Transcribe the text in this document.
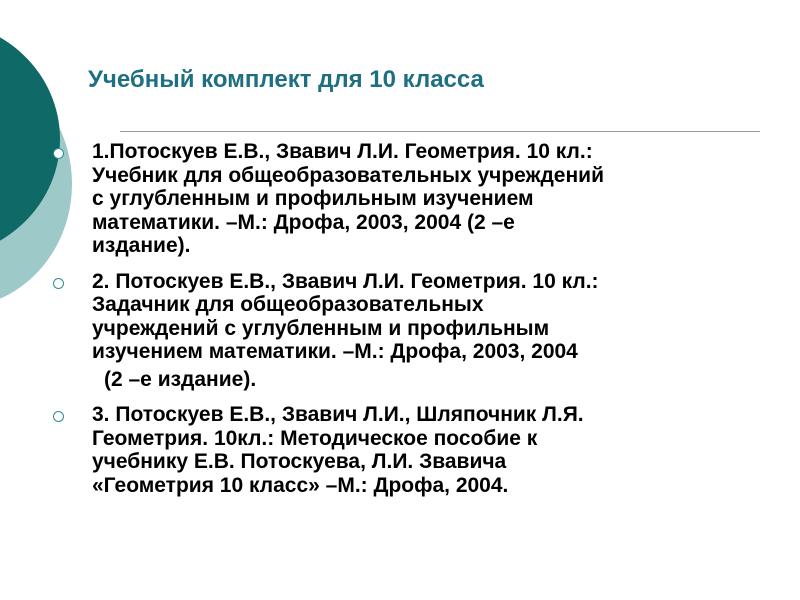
Учебный комплект для 10 класса
1.Потоскуев Е.В., Звавич Л.И. Геометрия. 10 кл.:
Учебник для общеобразовательных учреждений
с углубленным и профильным изучением
математики. –М.: Дрофа, 2003, 2004 (2 –е
издание).
2. Потоскуев Е.В., Звавич Л.И. Геометрия. 10 кл.:
Задачник для общеобразовательных
учреждений с углубленным и профильным
изучением математики. –М.: Дрофа, 2003, 2004
(2 –е издание).
3. Потоскуев Е.В., Звавич Л.И., Шляпочник Л.Я.
Геометрия. 10кл.: Методическое пособие к
учебнику Е.В. Потоскуева, Л.И. Звавича
«Геометрия 10 класс» –М.: Дрофа, 2004.
